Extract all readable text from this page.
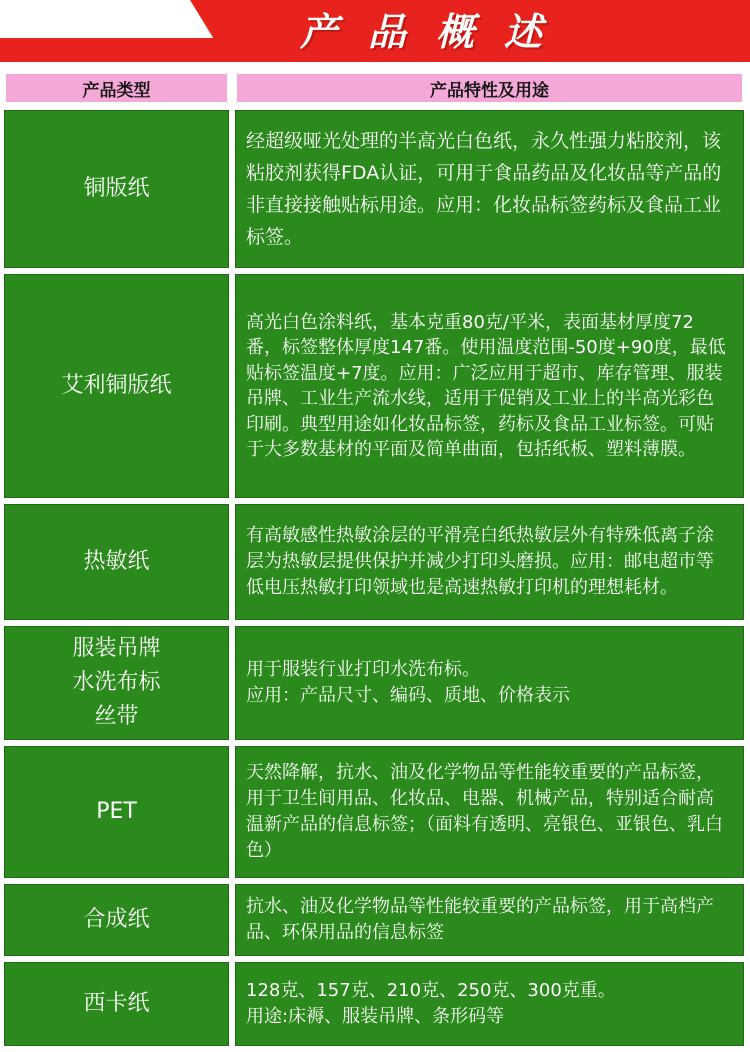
产品概述
产品类型	产品特性及用途
铜版纸

经超级哑光处理的半高光白色纸，永久性强力粘胶剂，该粘胶剂获得FDA认证，可用于食品药品及化妆品等产品的非直接接触贴标用途。应用：化妆品标签药标及食品工业标签。

艾利铜版纸

高光白色涂料纸，基本克重80克/平米，表面基材厚度72番，标签整体厚度147番。使用温度范围-50度+90度，最低贴标签温度+7度。应用：广泛应用于超市、库存管理、服装吊牌、工业生产流水线，适用于促销及工业上的半高光彩色印刷。典型用途如化妆品标签，药标及食品工业标签。可贴于大多数基材的平面及简单曲面，包括纸板、塑料薄膜。

热敏纸

有高敏感性热敏涂层的平滑亮白纸热敏层外有特殊低离子涂层为热敏层提供保护并减少打印头磨损。应用：邮电超市等低电压热敏打印领域也是高速热敏打印机的理想耗材。

服装吊牌
水洗布标
丝带

用于服装行业打印水洗布标。
应用：产品尺寸、编码、质地、价格表示

PET

天然降解，抗水、油及化学物品等性能较重要的产品标签，用于卫生间用品、化妆品、电器、机械产品，特别适合耐高温新产品的信息标签；（面料有透明、亮银色、亚银色、乳白色）

合成纸

抗水、油及化学物品等性能较重要的产品标签，用于高档产品、环保用品的信息标签

西卡纸

128克、157克、210克、250克、300克重。
用途:床褥、服装吊牌、条形码等
